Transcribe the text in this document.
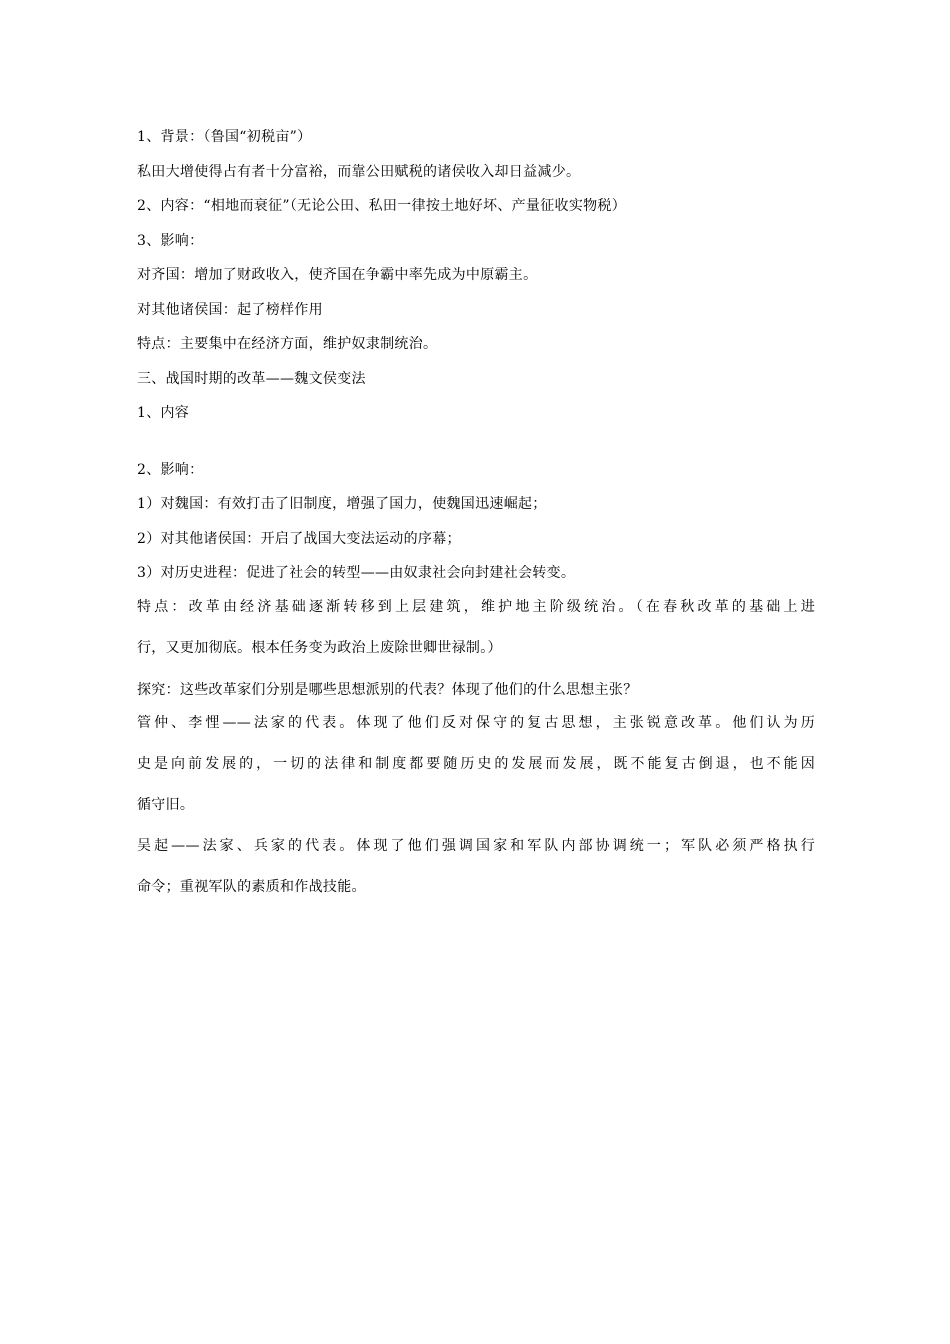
1、背景：（鲁国“初税亩”）
私田大增使得占有者十分富裕，而靠公田赋税的诸侯收入却日益减少。
2、内容：“相地而衰征”（无论公田、私田一律按土地好坏、产量征收实物税）
3、影响：
对齐国：增加了财政收入，使齐国在争霸中率先成为中原霸主。
对其他诸侯国：起了榜样作用
特点：主要集中在经济方面，维护奴隶制统治。
三、战国时期的改革——魏文侯变法
1、内容
2、影响：
1）对魏国：有效打击了旧制度，增强了国力，使魏国迅速崛起；
2）对其他诸侯国：开启了战国大变法运动的序幕；
3）对历史进程：促进了社会的转型——由奴隶社会向封建社会转变。
特点：改革由经济基础逐渐转移到上层建筑，维护地主阶级统治。（在春秋改革的基础上进
行，又更加彻底。根本任务变为政治上废除世卿世禄制。）
探究：这些改革家们分别是哪些思想派别的代表？体现了他们的什么思想主张？
管仲、李悝——法家的代表。体现了他们反对保守的复古思想，主张锐意改革。他们认为历
史是向前发展的，一切的法律和制度都要随历史的发展而发展，既不能复古倒退，也不能因
循守旧。
吴起——法家、兵家的代表。体现了他们强调国家和军队内部协调统一；军队必须严格执行
命令；重视军队的素质和作战技能。
